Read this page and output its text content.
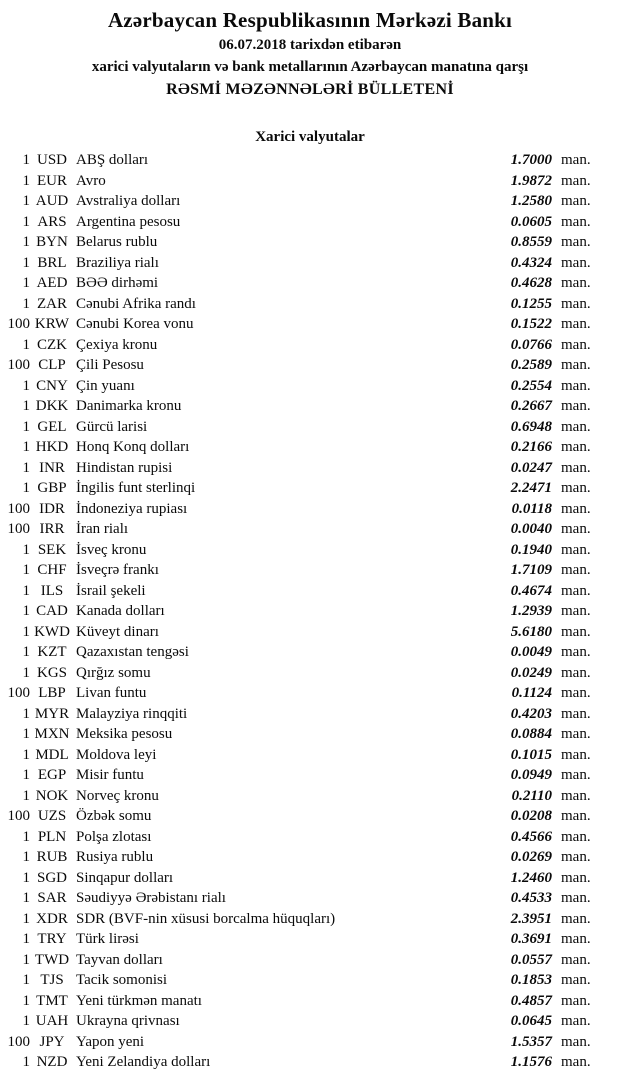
Azərbaycan Respublikasının Mərkəzi Bankı
06.07.2018 tarixdən etibarən
xarici valyutaların və bank metallarının Azərbaycan manatına qarşı
RƏSMİ MƏZƏNNƏLƏRİ BÜLLETENİ
Xarici valyutalar
1 USD ABŞ dolları	1.7000 man.
1 EUR Avro	1.9872 man.
1 AUD Avstraliya dolları	1.2580 man.
1 ARS Argentina pesosu	0.0605 man.
1 BYN Belarus rublu	0.8559 man.
1 BRL Braziliya rialı	0.4324 man.
1 AED BƏƏ dirhəmi	0.4628 man.
1 ZAR Cənubi Afrika randı	0.1255 man.
100 KRW Cənubi Korea vonu	0.1522 man.
1 CZK Çexiya kronu	0.0766 man.
100 CLP Çili Pesosu	0.2589 man.
1 CNY Çin yuanı	0.2554 man.
1 DKK Danimarka kronu	0.2667 man.
1 GEL Gürcü larisi	0.6948 man.
1 HKD Honq Konq dolları	0.2166 man.
1 INR Hindistan rupisi	0.0247 man.
1 GBP İngilis funt sterlinqi	2.2471 man.
100 IDR İndoneziya rupiası	0.0118 man.
100 IRR İran rialı	0.0040 man.
1 SEK İsveç kronu	0.1940 man.
1 CHF İsveçrə frankı	1.7109 man.
1 ILS İsrail şekeli	0.4674 man.
1 CAD Kanada dolları	1.2939 man.
1 KWD Küveyt dinarı	5.6180 man.
1 KZT Qazaxıstan tengəsi	0.0049 man.
1 KGS Qırğız somu	0.0249 man.
100 LBP Livan funtu	0.1124 man.
1 MYR Malayziya rinqqiti	0.4203 man.
1 MXN Meksika pesosu	0.0884 man.
1 MDL Moldova leyi	0.1015 man.
1 EGP Misir funtu	0.0949 man.
1 NOK Norveç kronu	0.2110 man.
100 UZS Özbək somu	0.0208 man.
1 PLN Polşa zlotası	0.4566 man.
1 RUB Rusiya rublu	0.0269 man.
1 SGD Sinqapur dolları	1.2460 man.
1 SAR Səudiyyə Ərəbistanı rialı	0.4533 man.
1 XDR SDR (BVF-nin xüsusi borcalma hüquqları)	2.3951 man.
1 TRY Türk lirəsi	0.3691 man.
1 TWD Tayvan dolları	0.0557 man.
1 TJS Tacik somonisi	0.1853 man.
1 TMT Yeni türkmən manatı	0.4857 man.
1 UAH Ukrayna qrivnası	0.0645 man.
100 JPY Yapon yeni	1.5357 man.
1 NZD Yeni Zelandiya dolları	1.1576 man.
